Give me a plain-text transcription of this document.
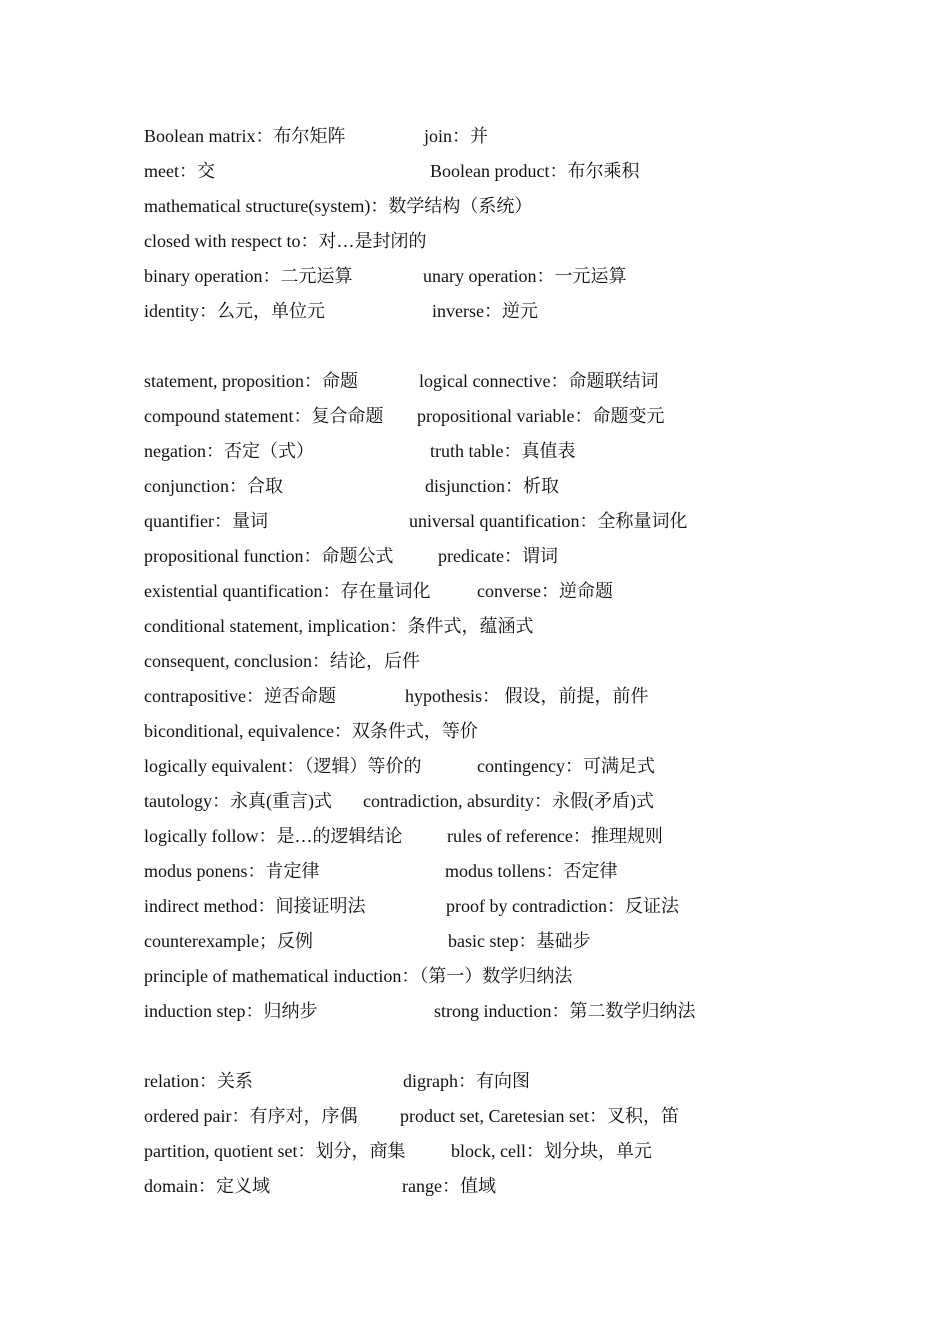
Boolean matrix：布尔矩阵	join：并
meet：交	Boolean product：布尔乘积
mathematical structure(system)：数学结构（系统）
closed with respect to：对…是封闭的
binary operation：二元运算	unary operation：一元运算
identity：么元，单位元	inverse：逆元
statement, proposition：命题	logical connective：命题联结词
compound statement：复合命题 propositional variable：命题变元
negation：否定（式）	truth table：真值表
conjunction：合取	disjunction：析取
quantifier：量词	universal quantification：全称量词化
propositional function：命题公式 predicate：谓词
existential quantification：存在量词化	converse：逆命题
conditional statement, implication：条件式，蕴涵式
consequent, conclusion：结论，后件
contrapositive：逆否命题	hypothesis： 假设，前提，前件
biconditional, equivalence：双条件式，等价
logically equivalent：（逻辑）等价的	contingency：可满足式
tautology：永真(重言)式 contradiction, absurdity：永假(矛盾)式
logically follow：是…的逻辑结论 rules of reference：推理规则
modus ponens：肯定律	modus tollens：否定律
indirect method：间接证明法	proof by contradiction：反证法
counterexample；反例	basic step：基础步
principle of mathematical induction：（第一）数学归纳法
induction step：归纳步	strong induction：第二数学归纳法
relation：关系	digraph：有向图
ordered pair：有序对，序偶 product set, Caretesian set：叉积，笛
partition, quotient set：划分，商集	block, cell：划分块，单元
domain：定义域	range：值域
